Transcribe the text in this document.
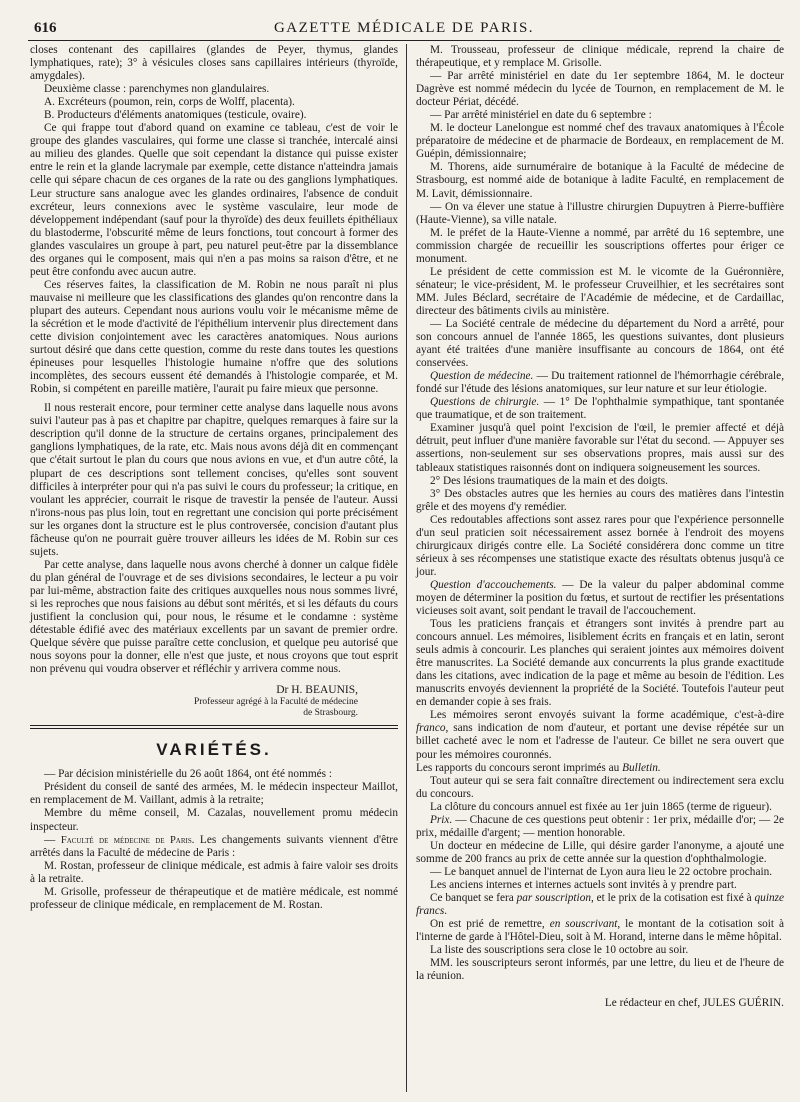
616	GAZETTE MÉDICALE DE PARIS.

closes contenant des capillaires (glandes de Peyer, thymus, glandes lymphatiques, rate); 3° à vésicules closes sans capillaires intérieurs (thyroïde, amygdales).

Deuxième classe : parenchymes non glandulaires.

A. Excréteurs (poumon, rein, corps de Wolff, placenta).

B. Producteurs d'éléments anatomiques (testicule, ovaire).

Ce qui frappe tout d'abord quand on examine ce tableau, c'est de voir le groupe des glandes vasculaires, qui forme une classe si tranchée, intercalé ainsi au milieu des glandes. Quelle que soit cependant la distance qui puisse exister entre le rein et la glande lacrymale par exemple, cette distance n'atteindra jamais celle qui sépare chacun de ces organes de la rate ou des ganglions lymphatiques. Leur structure sans analogue avec les glandes ordinaires, l'absence de conduit excréteur, leurs connexions avec le système vasculaire, leur mode de développement indépendant (sauf pour la thyroïde) des deux feuillets épithéliaux du blastoderme, l'obscurité même de leurs fonctions, tout concourt à former des glandes vasculaires un groupe à part, peu naturel peut-être par la dissemblance des organes qui le composent, mais qui n'en a pas moins sa raison d'être, et ne peut être confondu avec aucun autre.

Ces réserves faites, la classification de M. Robin ne nous paraît ni plus mauvaise ni meilleure que les classifications des glandes qu'on rencontre dans la plupart des auteurs. Cependant nous aurions voulu voir le mécanisme même de la sécrétion et le mode d'activité de l'épithélium intervenir plus directement dans cette division conjointement avec les caractères anatomiques. Nous aurions surtout désiré que dans cette question, comme du reste dans toutes les questions épineuses pour lesquelles l'histologie humaine n'offre que des solutions incomplètes, des secours eussent été demandés à l'histologie comparée, et M. Robin, si compétent en pareille matière, l'aurait pu faire mieux que personne.

Il nous resterait encore, pour terminer cette analyse dans laquelle nous avons suivi l'auteur pas à pas et chapitre par chapitre, quelques remarques à faire sur la description qu'il donne de la structure de certains organes, principalement des ganglions lymphatiques, de la rate, etc. Mais nous avons déjà dit en commençant que c'était surtout le plan du cours que nous avions en vue, et d'un autre côté, la plupart de ces descriptions sont tellement concises, qu'elles sont souvent difficiles à interpréter pour qui n'a pas suivi le cours du professeur; la critique, en voulant les apprécier, courrait le risque de travestir la pensée de l'auteur. Aussi n'irons-nous pas plus loin, tout en regrettant une concision qui porte précisément sur les organes dont la structure est le plus controversée, concision d'autant plus fâcheuse qu'on ne pourrait guère trouver ailleurs les idées de M. Robin sur ces sujets.

Par cette analyse, dans laquelle nous avons cherché à donner un calque fidèle du plan général de l'ouvrage et de ses divisions secondaires, le lecteur a pu voir par lui-même, abstraction faite des critiques auxquelles nous nous sommes livré, si les reproches que nous faisions au début sont mérités, et si les défauts du cours justifient la conclusion qui, pour nous, le résume et le condamne : système détestable édifié avec des matériaux excellents par un savant de premier ordre. Quelque sévère que puisse paraître cette conclusion, et quelque peu autorisé que nous soyons pour la donner, elle n'est que juste, et nous croyons que tout esprit non prévenu qui voudra observer et réfléchir y arrivera comme nous.

Dr H. BEAUNIS,
Professeur agrégé à la Faculté de médecine
de Strasbourg.
VARIÉTÉS.

— Par décision ministérielle du 26 août 1864, ont été nommés :

Président du conseil de santé des armées, M. le médecin inspecteur Maillot, en remplacement de M. Vaillant, admis à la retraite;

Membre du même conseil, M. Cazalas, nouvellement promu médecin inspecteur.

— Faculté de médecine de Paris. Les changements suivants viennent d'être arrêtés dans la Faculté de médecine de Paris :

M. Rostan, professeur de clinique médicale, est admis à faire valoir ses droits à la retraite.

M. Grisolle, professeur de thérapeutique et de matière médicale, est nommé professeur de clinique médicale, en remplacement de M. Rostan.

M. Trousseau, professeur de clinique médicale, reprend la chaire de thérapeutique, et y remplace M. Grisolle.

— Par arrêté ministériel en date du 1er septembre 1864, M. le docteur Dagrève est nommé médecin du lycée de Tournon, en remplacement de M. le docteur Périat, décédé.

— Par arrêté ministériel en date du 6 septembre :

M. le docteur Lanelongue est nommé chef des travaux anatomiques à l'École préparatoire de médecine et de pharmacie de Bordeaux, en remplacement de M. Guépin, démissionnaire;

M. Thorens, aide surnuméraire de botanique à la Faculté de médecine de Strasbourg, est nommé aide de botanique à ladite Faculté, en remplacement de M. Lavit, démissionnaire.

— On va élever une statue à l'illustre chirurgien Dupuytren à Pierre-buffière (Haute-Vienne), sa ville natale.

M. le préfet de la Haute-Vienne a nommé, par arrêté du 16 septembre, une commission chargée de recueillir les souscriptions offertes pour ériger ce monument.

Le président de cette commission est M. le vicomte de la Guéronnière, sénateur; le vice-président, M. le professeur Cruveilhier, et les secrétaires sont MM. Jules Béclard, secrétaire de l'Académie de médecine, et de Cardaillac, directeur des bâtiments civils au ministère.

— La Société centrale de médecine du département du Nord a arrêté, pour son concours annuel de l'année 1865, les questions suivantes, dont plusieurs ayant été traitées d'une manière insuffisante au concours de 1864, ont été conservées.

Question de médecine. — Du traitement rationnel de l'hémorrhagie cérébrale, fondé sur l'étude des lésions anatomiques, sur leur nature et sur leur étiologie.

Questions de chirurgie. — 1° De l'ophthalmie sympathique, tant spontanée que traumatique, et de son traitement.

Examiner jusqu'à quel point l'excision de l'œil, le premier affecté et déjà détruit, peut influer d'une manière favorable sur l'état du second. — Appuyer ses assertions, non-seulement sur ses observations propres, mais aussi sur des tableaux statistiques raisonnés dont on indiquera soigneusement les sources.

2° Des lésions traumatiques de la main et des doigts.

3° Des obstacles autres que les hernies au cours des matières dans l'intestin grêle et des moyens d'y remédier.

Ces redoutables affections sont assez rares pour que l'expérience personnelle d'un seul praticien soit nécessairement assez bornée à l'endroit des moyens chirurgicaux dirigés contre elle. La Société considérera donc comme un titre sérieux à ses récompenses une statistique exacte des résultats obtenus jusqu'à ce jour.

Question d'accouchements. — De la valeur du palper abdominal comme moyen de déterminer la position du fœtus, et surtout de rectifier les présentations vicieuses soit avant, soit pendant le travail de l'accouchement.

Tous les praticiens français et étrangers sont invités à prendre part au concours annuel. Les mémoires, lisiblement écrits en français et en latin, seront seuls admis à concourir. Les planches qui seraient jointes aux mémoires doivent être manuscrites. La Société demande aux concurrents la plus grande exactitude dans les citations, avec indication de la page et même au besoin de l'édition. Les manuscrits envoyés deviennent la propriété de la Société. Toutefois l'auteur peut en demander copie à ses frais.

Les mémoires seront envoyés suivant la forme académique, c'est-à-dire franco, sans indication de nom d'auteur, et portant une devise répétée sur un billet cacheté avec le nom et l'adresse de l'auteur. Ce billet ne sera ouvert que pour les mémoires couronnés.

Les rapports du concours seront imprimés au Bulletin.

Tout auteur qui se sera fait connaître directement ou indirectement sera exclu du concours.

La clôture du concours annuel est fixée au 1er juin 1865 (terme de rigueur).

Prix. — Chacune de ces questions peut obtenir : 1er prix, médaille d'or; — 2e prix, médaille d'argent; — mention honorable.

Un docteur en médecine de Lille, qui désire garder l'anonyme, a ajouté une somme de 200 francs au prix de cette année sur la question d'ophthalmologie.

— Le banquet annuel de l'internat de Lyon aura lieu le 22 octobre prochain.

Les anciens internes et internes actuels sont invités à y prendre part.

Ce banquet se fera par souscription, et le prix de la cotisation est fixé à quinze francs.

On est prié de remettre, en souscrivant, le montant de la cotisation soit à l'interne de garde à l'Hôtel-Dieu, soit à M. Horand, interne dans le même hôpital.

La liste des souscriptions sera close le 10 octobre au soir.

MM. les souscripteurs seront informés, par une lettre, du lieu et de l'heure de la réunion.

Le rédacteur en chef, JULES GUÉRIN.
